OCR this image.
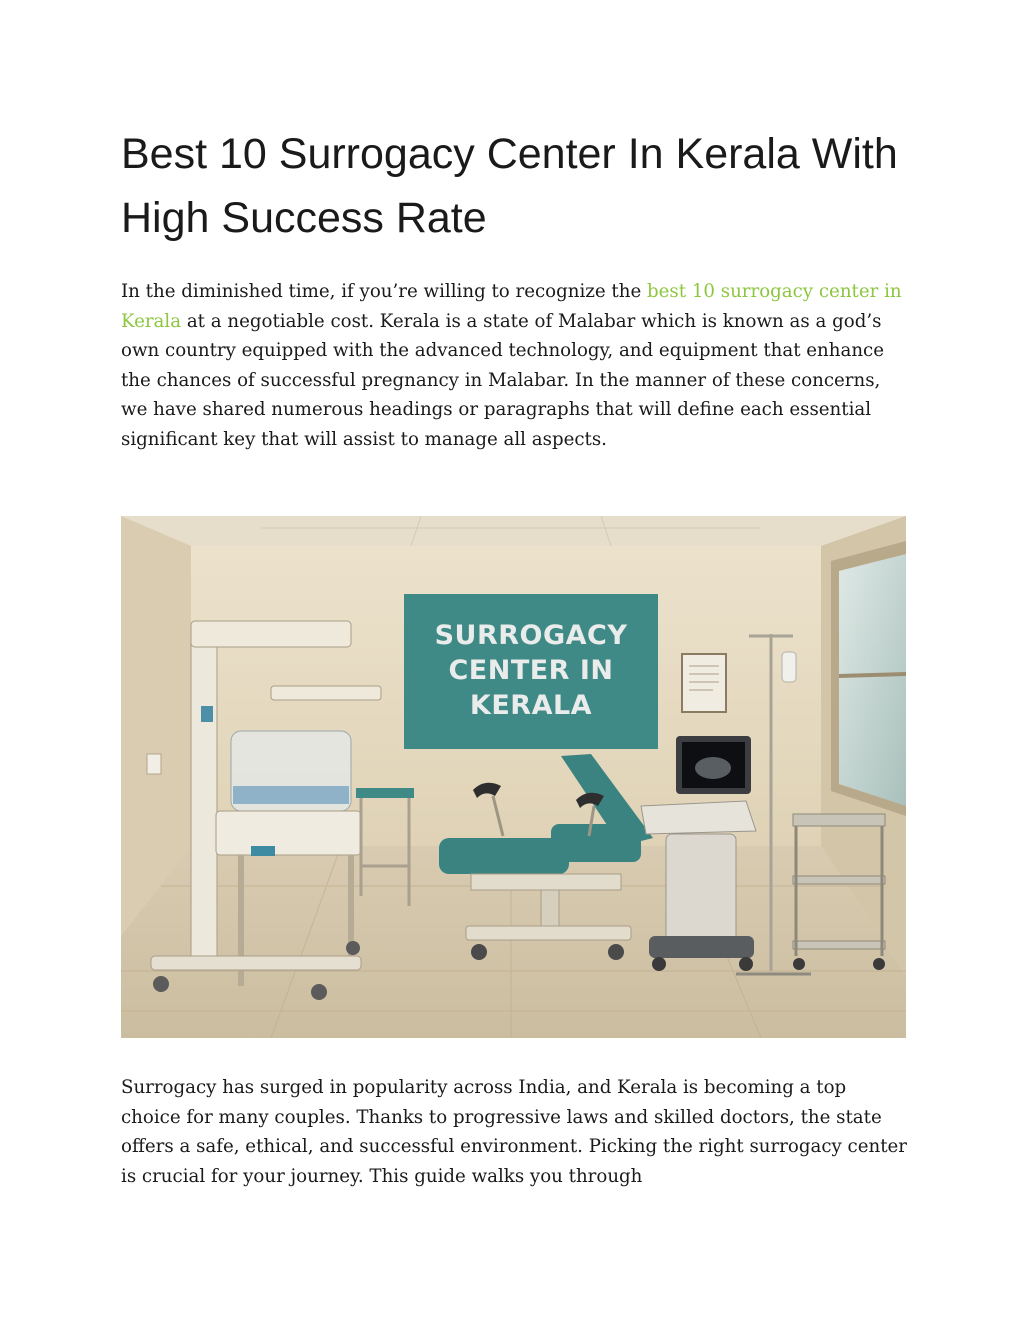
Best 10 Surrogacy Center In Kerala With High Success Rate

In the diminished time, if you’re willing to recognize the best 10 surrogacy center in Kerala at a negotiable cost. Kerala is a state of Malabar which is known as a god’s own country equipped with the advanced technology, and equipment that enhance the chances of successful pregnancy in Malabar. In the manner of these concerns, we have shared numerous headings or paragraphs that will define each essential significant key that will assist to manage all aspects.

SURROGACY
CENTER IN
KERALA

Surrogacy has surged in popularity across India, and Kerala is becoming a top choice for many couples. Thanks to progressive laws and skilled doctors, the state offers a safe, ethical, and successful environment. Picking the right surrogacy center is crucial for your journey. This guide walks you through
